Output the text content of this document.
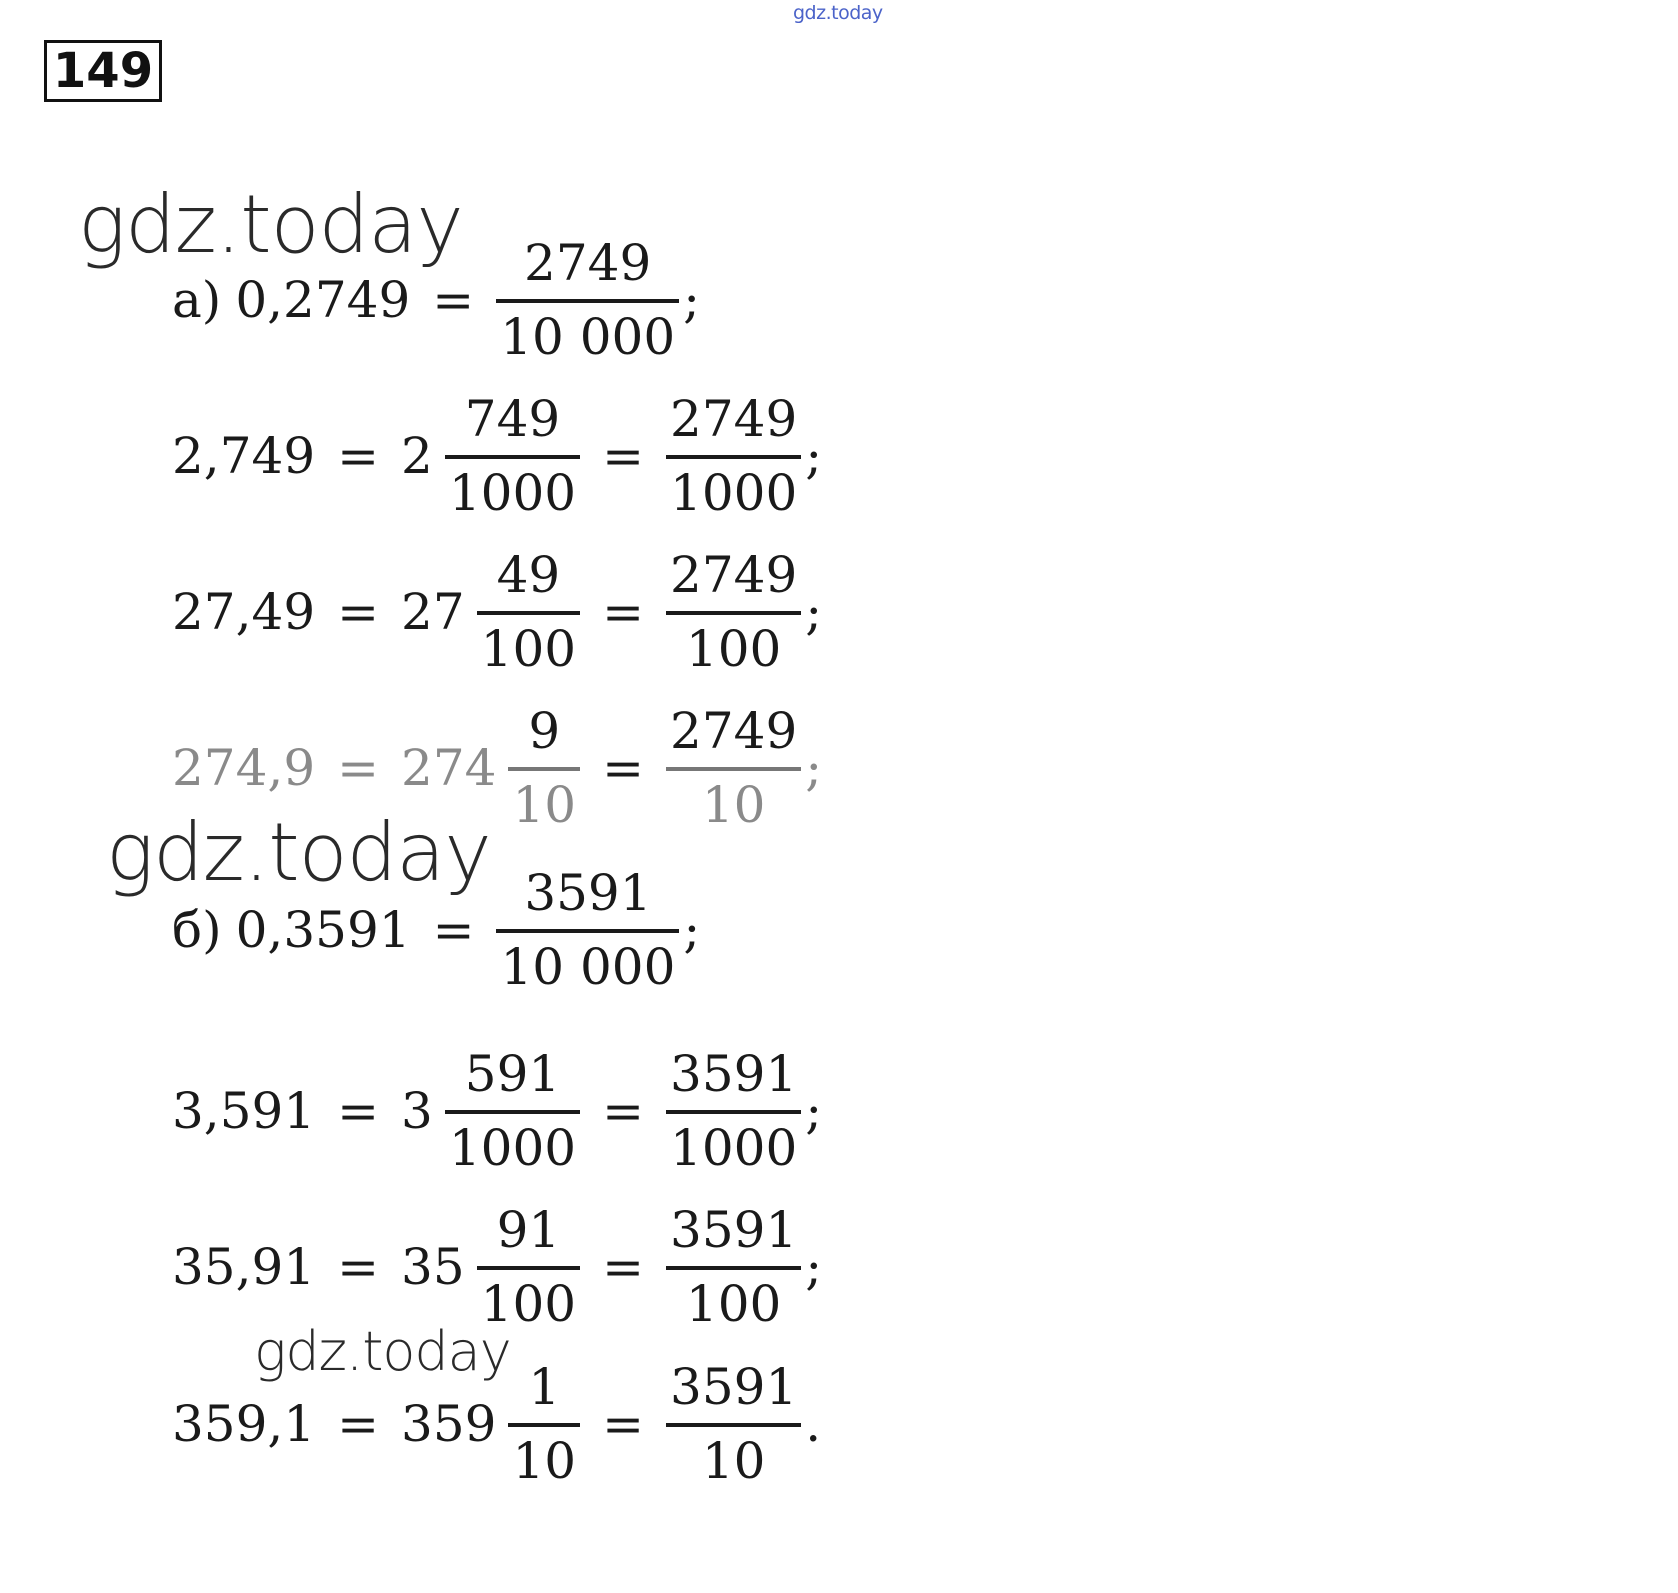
gdz.today
149
gdz.today
gdz.today
gdz.today
а) $0,2749 = \frac{2749}{10 000}$ ;
$2,749 = 2 \frac{749}{1000} = \frac{2749}{1000}$ ;
$27,49 = 27 \frac{49}{100} = \frac{2749}{100}$ ;
$274,9 = 274 \frac{9}{10} = \frac{2749}{10}$ ;
б) $0,3591 = \frac{3591}{10 000}$ ;
$3,591 = 3 \frac{591}{1000} = \frac{3591}{1000}$ ;
$35,91 = 35 \frac{91}{100} = \frac{3591}{100}$ ;
$359,1 = 359 \frac{1}{10} = \frac{3591}{10}$ .
